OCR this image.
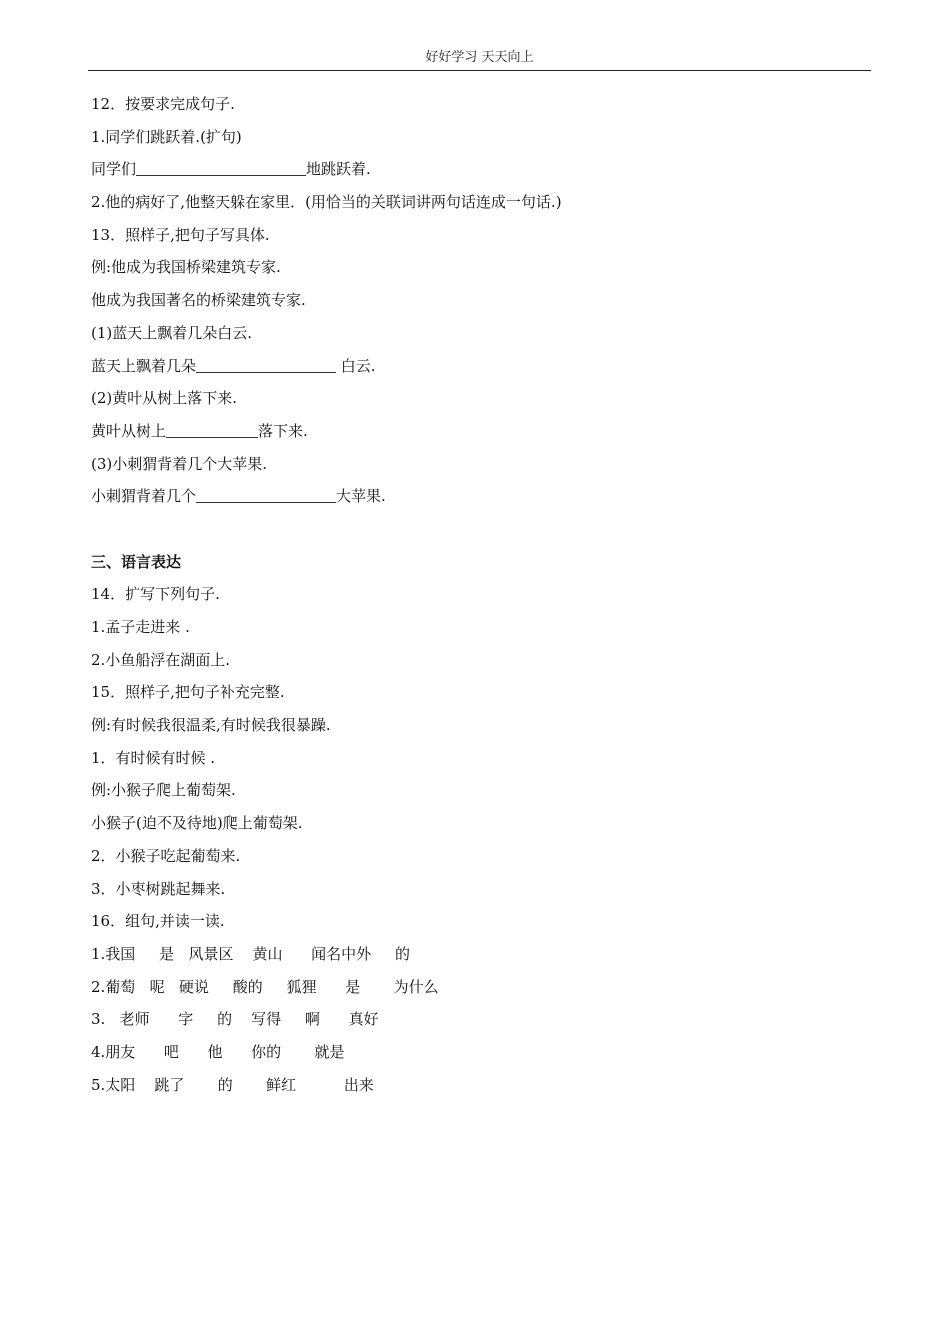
好好学习 天天向上
12．按要求完成句子.
1.同学们跳跃着.(扩句)
同学们	地跳跃着.
2.他的病好了,他整天躲在家里．(用恰当的关联词讲两句话连成一句话.)
13．照样子,把句子写具体.
例:他成为我国桥梁建筑专家.
他成为我国著名的桥梁建筑专家.
(1)蓝天上飘着几朵白云.
蓝天上飘着几朵	白云.
(2)黄叶从树上落下来.
黄叶从树上	落下来.
(3)小刺猬背着几个大苹果.
小刺猬背着几个	大苹果.
三、语言表达
14．扩写下列句子.
1.孟子走进来 .
2.小鱼船浮在湖面上.
15．照样子,把句子补充完整.
例:有时候我很温柔,有时候我很暴躁.
1．有时候有时候 .
例:小猴子爬上葡萄架.
小猴子(迫不及待地)爬上葡萄架.
2．小猴子吃起葡萄来.
3．小枣树跳起舞来.
16．组句,并读一读.
1.我国     是   风景区    黄山      闻名中外     的
2.葡萄   呢   硬说     酸的     狐狸      是       为什么
3.   老师      字     的    写得     啊      真好
4.朋友      吧      他      你的       就是
5.太阳    跳了       的       鲜红          出来
